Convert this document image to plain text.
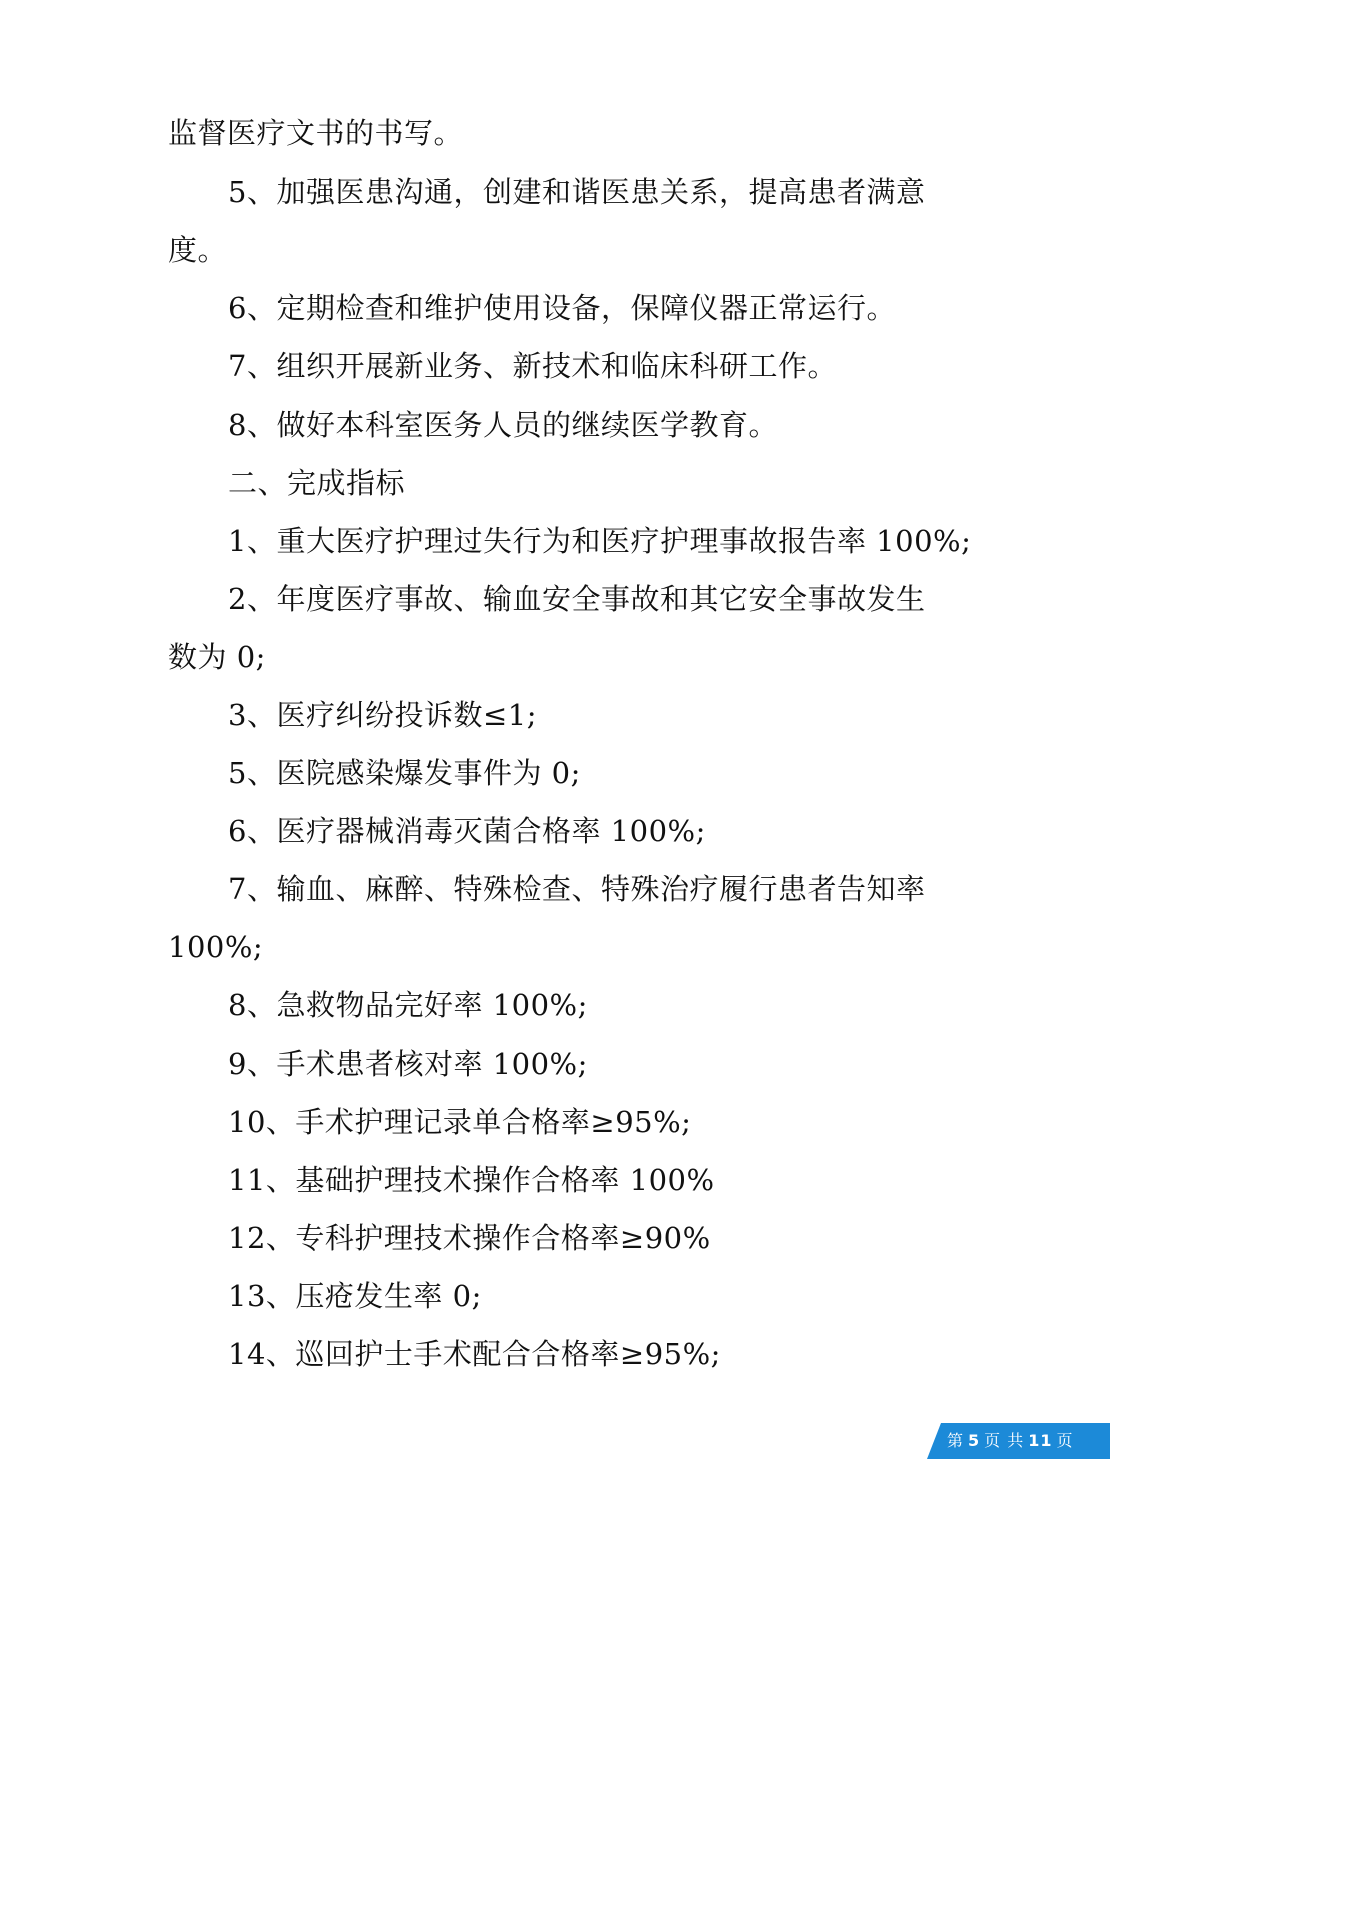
监督医疗文书的书写。
5、加强医患沟通，创建和谐医患关系，提高患者满意
度。
6、定期检查和维护使用设备，保障仪器正常运行。
7、组织开展新业务、新技术和临床科研工作。
8、做好本科室医务人员的继续医学教育。
二、完成指标
1、重大医疗护理过失行为和医疗护理事故报告率 100%;
2、年度医疗事故、输血安全事故和其它安全事故发生
数为 0;
3、医疗纠纷投诉数≤1;
5、医院感染爆发事件为 0;
6、医疗器械消毒灭菌合格率 100%;
7、输血、麻醉、特殊检查、特殊治疗履行患者告知率
100%;
8、急救物品完好率 100%;
9、手术患者核对率 100%;
10、手术护理记录单合格率≥95%;
11、基础护理技术操作合格率 100%
12、专科护理技术操作合格率≥90%
13、压疮发生率 0;
14、巡回护士手术配合合格率≥95%;
第 5 页 共 11 页
